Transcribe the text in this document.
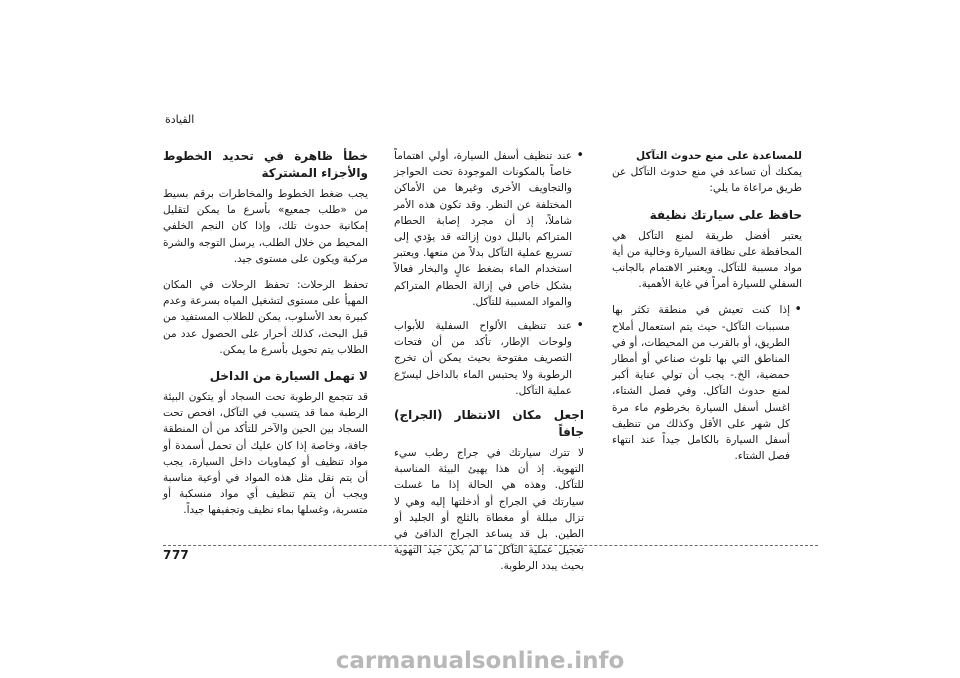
القيادة

خطأ ظاهرة في تحديد الخطوط والأجزاء المشتركة

يجب ضغط الخطوط والمخاطرات برقم بسيط من «طلب جمعيع» بأسرع ما يمكن لتقليل إمكانية حدوث تلك، وإذا كان النجم الخلفي المحيط من خلال الطلب، يرسل التوجه والشرة مركبة ويكون على مستوى جيد.

تحفظ الرحلات: تحفظ الرحلات في المكان المهيأ على مستوى لتشغيل المياه بسرعة وعدم كبيرة بعد الأسلوب، يمكن للطلاب المستفيد من قبل البحث، كذلك أحرار على الحصول عدد من الطلاب يتم تحويل بأسرع ما يمكن.

لا تهمل السيارة من الداخل

قد تتجمع الرطوبة تحت السجاد أو يتكون البيئة الرطبة مما قد يتسبب في التآكل، افحص تحت السجاد بين الحين والآخر للتأكد من أن المنطقة جافة، وخاصة إذا كان عليك أن تحمل أسمدة أو مواد تنظيف أو كيماويات داخل السيارة، يجب أن يتم نقل مثل هذه المواد في أوعية مناسبة ويجب أن يتم تنظيف أي مواد منسكبة أو متسربة، وغسلها بماء نظيف وتجفيفها جيداً.

• عند تنظيف أسفل السيارة، أولي اهتماماً خاصاً بالمكونات الموجودة تحت الحواجز والتجاويف الأخرى وغيرها من الأماكن المختلفة عن النظر. وقد تكون هذه الأمر شاملاً، إذ أن مجرد إصابة الحطام المتراكم بالبلل دون إزالته قد يؤدي إلى تسريع عملية التآكل بدلاً من منعها. ويعتبر استخدام الماء بضغط عالٍ والبخار فعالاً بشكل خاص في إزالة الحطام المتراكم والمواد المسببة للتآكل.

• عند تنظيف الألواح السفلية للأبواب ولوحات الإطار، تأكد من أن فتحات التصريف مفتوحة بحيث يمكن أن تخرج الرطوبة ولا يحتبس الماء بالداخل ليسرّع عملية التآكل.

اجعل مكان الانتظار (الجراج) جافاً

لا تترك سيارتك في جراج رطب سيء التهوية. إذ أن هذا يهيئ البيئة المناسبة للتآكل. وهذه هي الحالة إذا ما غسلت سيارتك في الجراج أو أدخلتها إليه وهي لا تزال مبللة أو مغطاة بالثلج أو الجليد أو الطين. بل قد يساعد الجراج الدافئ في تعجيل عملية التآكل ما لم يكن جيد التهوية بحيث يبدد الرطوبة.

للمساعدة على منع حدوث التآكل

يمكنك أن تساعد في منع حدوث التآكل عن طريق مراعاة ما يلي:

حافظ على سيارتك نظيفة

يعتبر أفضل طريقة لمنع التآكل هي المحافظة على نظافة السيارة وخالية من أية مواد مسببة للتآكل. ويعتبر الاهتمام بالجانب السفلي للسيارة أمراً في غاية الأهمية.

• إذا كنت تعيش في منطقة تكثر بها مسببات التآكل- حيث يتم استعمال أملاح الطريق، أو بالقرب من المحيطات، أو في المناطق التي بها تلوث صناعي أو أمطار حمضية، الخ.- يجب أن تولي عناية أكبر لمنع حدوث التآكل. وفي فصل الشتاء، اغسل أسفل السيارة بخرطوم ماء مرة كل شهر على الأقل وكذلك من تنظيف أسفل السيارة بالكامل جيداً عند انتهاء فصل الشتاء.

7 77
carmanualsonline.info
